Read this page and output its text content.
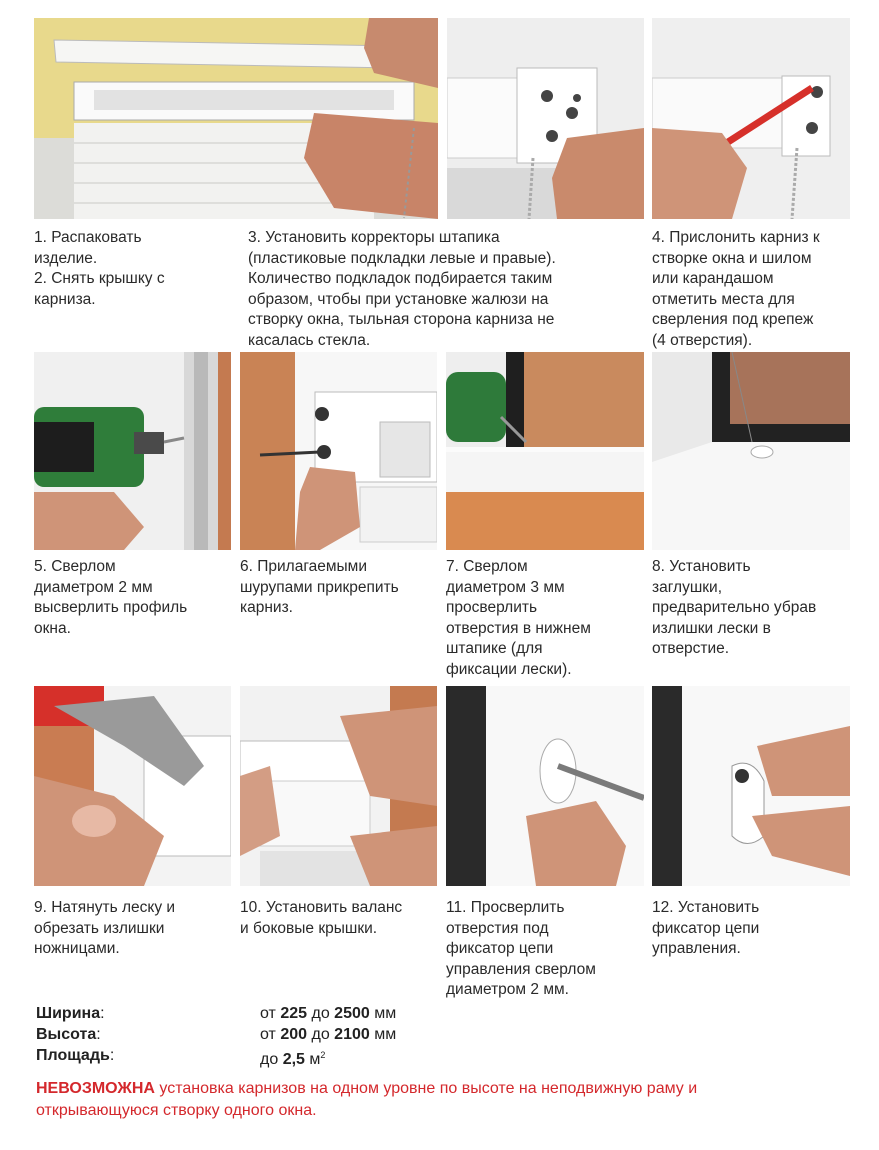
1. Распаковать
изделие.
2. Снять крышку с
карниза.
3. Установить корректоры штапика
(пластиковые подкладки левые и правые).
Количество подкладок подбирается таким
образом, чтобы при установке жалюзи на
створку окна, тыльная сторона карниза не
касалась стекла.
4. Прислонить карниз к
створке окна и шилом
или карандашом
отметить места для
сверления под крепеж
(4 отверстия).
5. Сверлом
диаметром 2 мм
высверлить профиль
окна.
6. Прилагаемыми
шурупами прикрепить
карниз.
7. Сверлом
диаметром 3 мм
просверлить
отверстия в нижнем
штапике (для
фиксации лески).
8. Установить
заглушки,
предварительно убрав
излишки лески в
отверстие.
9. Натянуть леску и
обрезать излишки
ножницами.
10. Установить валанс
и боковые крышки.
11. Просверлить
отверстия под
фиксатор цепи
управления сверлом
диаметром 2 мм.
12. Установить
фиксатор цепи
управления.
Ширина:	от 225 до 2500 мм
Высота:	от 200 до 2100 мм
Площадь:	до 2,5 $м^2$
НЕВОЗМОЖНА установка карнизов на одном уровне по высоте на неподвижную раму и
открывающуюся створку одного окна.
